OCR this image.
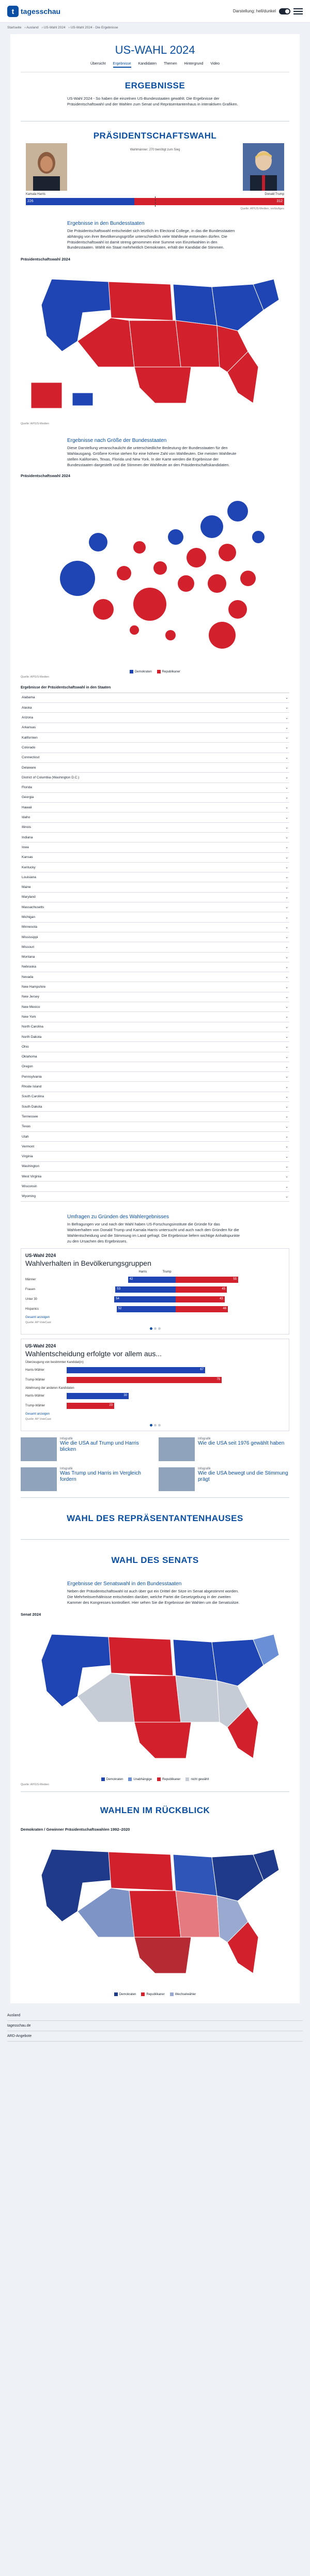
t tagesschau	Darstellung: hell/dunkel
Startseite › Ausland › US-Wahl 2024 › US-Wahl 2024 - Die Ergebnisse
US-WAHL 2024
Übersicht Ergebnisse Kandidaten Themen Hintergrund Video
ERGEBNISSE

US-Wahl 2024 - So haben die einzelnen US-Bundesstaaten gewählt. Die Ergebnisse der Präsidentschaftswahl und der Wahlen zum Senat und Repräsentantenhaus in interaktiven Grafiken.

PRÄSIDENTSCHAFTSWAHL
Wahlmänner: 270 benötigt zum Sieg
Kamala Harris	Donald Trump
226	312
Quelle: AP/US-Medien, vorläufiges
Ergebnisse in den Bundesstaaten

Die Präsidentschaftswahl entscheidet sich letztlich im Electoral College, in das die Bundesstaaten abhängig von ihrer Bevölkerungsgröße unterschiedlich viele Wahlleute entsenden dürfen. Die Präsidentschaftswahl ist damit streng genommen eine Summe von Einzelwahlen in den Bundesstaaten. Wählt ein Staat mehrheitlich Demokraten, erhält der Kandidat die Stimmen.

Präsidentschaftswahl 2024
Quelle: AP/US-Medien
Ergebnisse nach Größe der Bundesstaaten

Diese Darstellung veranschaulicht die unterschiedliche Bedeutung der Bundesstaaten für den Wahlausgang. Größere Kreise stehen für eine höhere Zahl von Wahlleuten. Die meisten Wahlleute stellen Kalifornien, Texas, Florida und New York. In der Karte werden die Ergebnisse der Bundesstaaten dargestellt und die Stimmen der Wahlleute an den Präsidentschaftskandidaten.

Präsidentschaftswahl 2024
Demokraten	Republikaner
Quelle: AP/US-Medien
Ergebnisse der Präsidentschaftswahl in den Staaten
Alabama	⌄
Alaska	⌄
Arizona	⌄
Arkansas	⌄
Kalifornien	⌄
Colorado	⌄
Connecticut	⌄
Delaware	⌄
District of Columbia (Washington D.C.)	⌄
Florida	⌄
Georgia	⌄
Hawaii	⌄
Idaho	⌄
Illinois	⌄
Indiana	⌄
Iowa	⌄
Kansas	⌄
Kentucky	⌄
Louisiana	⌄
Maine	⌄
Maryland	⌄
Massachusetts	⌄
Michigan	⌄
Minnesota	⌄
Mississippi	⌄
Missouri	⌄
Montana	⌄
Nebraska	⌄
Nevada	⌄
New Hampshire	⌄
New Jersey	⌄
New Mexico	⌄
New York	⌄
North Carolina	⌄
North Dakota	⌄
Ohio	⌄
Oklahoma	⌄
Oregon	⌄
Pennsylvania	⌄
Rhode Island	⌄
South Carolina	⌄
South Dakota	⌄
Tennessee	⌄
Texas	⌄
Utah	⌄
Vermont	⌄
Virginia	⌄
Washington	⌄
West Virginia	⌄
Wisconsin	⌄
Wyoming	⌄
Umfragen zu Gründen des Wahlergebnisses

In Befragungen vor und nach der Wahl haben US-Forschungsinstitute die Gründe für das Wahlverhalten von Donald Trump und Kamala Harris untersucht und auch nach den Gründen für die Wahlentscheidung und die Stimmung im Land gefragt. Die Ergebnisse liefern wichtige Anhaltspunkte zu den Ursachen des Ergebnisses.

US-Wahl 2024
Wahlverhalten in Bevölkerungsgruppen
Harris	Trump
Männer	42	55
Frauen	53	45
Unter 30	54	43
Hispanics	52	46
Gesamt anzeigen
Quelle: AP VoteCast
US-Wahl 2024
Wahlentscheidung erfolgte vor allem aus...
Überzeugung von bestimmter Kandidat(in)
Harris-Wähler	67
Trump-Wähler	75
Ablehnung der anderen Kandidaten
Harris-Wähler	30
Trump-Wähler	23
Gesamt anzeigen
Quelle: AP VoteCast
Infografik
Wie die USA auf Trump und Harris blicken
Infografik
Wie die USA seit 1976 gewählt haben
Infografik
Was Trump und Harris im Vergleich fordern
Infografik
Wie die USA bewegt und die Stimmung prägt
WAHL DES REPRÄSENTANTENHAUSES
WAHL DES SENATS
Ergebnisse der Senatswahl in den Bundesstaaten

Neben der Präsidentschaftswahl ist auch über gut ein Drittel der Sitze im Senat abgestimmt worden. Die Mehrheitsverhältnisse entscheiden darüber, welche Partei die Gesetzgebung in der zweiten Kammer des Kongresses kontrolliert. Hier sehen Sie die Ergebnisse der Wahlen um die Senatssitze.

Senat 2024
Demokraten	Unabhängige	Republikaner	nicht gewählt
Quelle: AP/US-Medien
WAHLEN IM RÜCKBLICK
Demokraten / Gewinner Präsidentschaftswahlen 1992–2020
Demokraten	Republikaner	Wechselwähler
Ausland
tagesschau.de
ARD-Angebote
